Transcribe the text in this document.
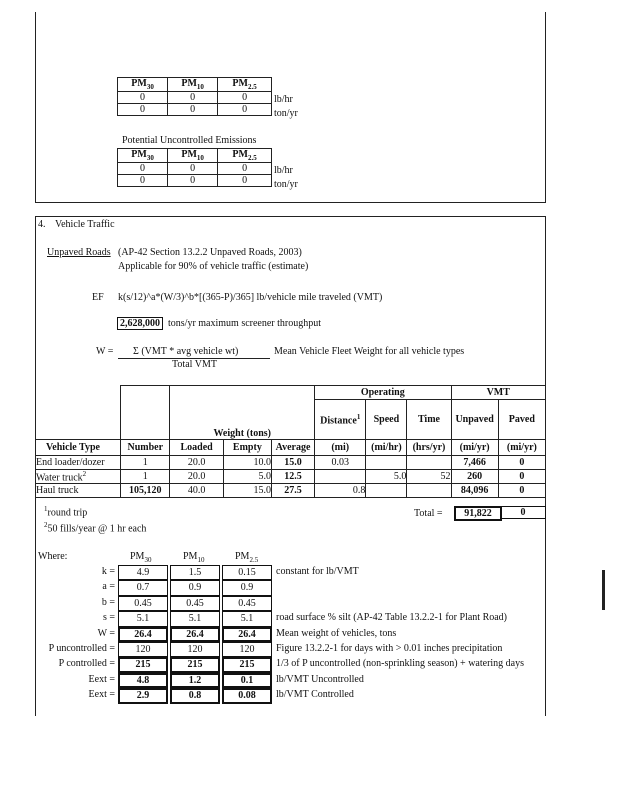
$PM_{30}$	$PM_{10}$	$PM_{2.5}$
0	0	0
0	0	0
lb/hr
ton/yr
Potential Uncontrolled Emissions
$PM_{30}$	$PM_{10}$	$PM_{2.5}$
0	0	0
0	0	0
lb/hr
ton/yr
4. Vehicle Traffic
Unpaved Roads (AP-42 Section 13.2.2 Unpaved Roads, 2003)
Applicable for 90% of vehicle traffic (estimate)
EF k(s/12)^a*(W/3)^b*[(365-P)/365] lb/vehicle mile traveled (VMT)
2,628,000 tons/yr maximum screener throughput
W = Σ (VMT * avg vehicle wt)
Total VMT
Mean Vehicle Fleet Weight for all vehicle types
		Weight (tons)			Operating			VMT	
					Distance$^1$	Speed	Time	Unpaved	Paved
Vehicle Type	Number	Loaded	Empty	Average	(mi)	(mi/hr)	(hrs/yr)	(mi/yr)	(mi/yr)
End loader/dozer	1	20.0	10.0	15.0	0.03			7,466	0
Water truck$^2$	1	20.0	5.0	12.5		5.0	52	260	0
Haul truck	105,120	40.0	15.0	27.5	0.8			84,096	0
Total =	91,822	0
$^1$round trip
$^2$50 fills/year @ 1 hr each
Where:	$PM_{30}$	$PM_{10}$	$PM_{2.5}$
k =	4.9	1.5	0.15	constant for lb/VMT
a =	0.7	0.9	0.9
b =	0.45	0.45	0.45
s =	5.1	5.1	5.1	road surface % silt (AP-42 Table 13.2.2-1 for Plant Road)
W =	26.4	26.4	26.4	Mean weight of vehicles, tons
P uncontrolled =	120	120	120	Figure 13.2.2-1 for days with > 0.01 inches precipitation
P controlled =	215	215	215	1/3 of P uncontrolled (non-sprinkling season) + watering days
Eext =	4.8	1.2	0.1	lb/VMT Uncontrolled
Eext =	2.9	0.8	0.08	lb/VMT Controlled
